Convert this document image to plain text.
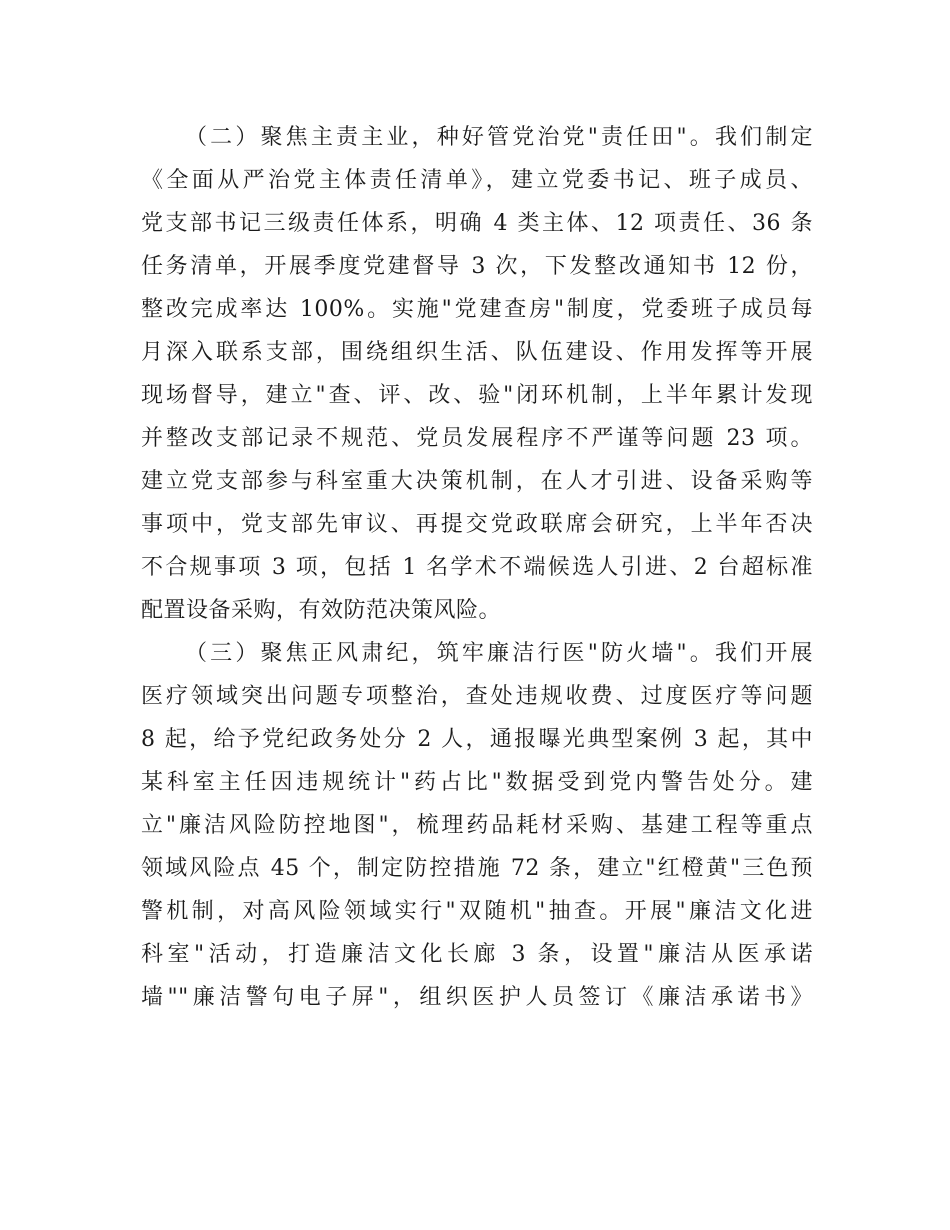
（二）聚焦主责主业，种好管党治党"责任田"。我们制定
《全面从严治党主体责任清单》，建立党委书记、班子成员、
党支部书记三级责任体系，明确 4 类主体、12 项责任、36 条
任务清单，开展季度党建督导 3 次，下发整改通知书 12 份，
整改完成率达 100%。实施"党建查房"制度，党委班子成员每
月深入联系支部，围绕组织生活、队伍建设、作用发挥等开展
现场督导，建立"查、评、改、验"闭环机制，上半年累计发现
并整改支部记录不规范、党员发展程序不严谨等问题 23 项。
建立党支部参与科室重大决策机制，在人才引进、设备采购等
事项中，党支部先审议、再提交党政联席会研究，上半年否决
不合规事项 3 项，包括 1 名学术不端候选人引进、2 台超标准
配置设备采购，有效防范决策风险。
（三）聚焦正风肃纪，筑牢廉洁行医"防火墙"。我们开展
医疗领域突出问题专项整治，查处违规收费、过度医疗等问题
8 起，给予党纪政务处分 2 人，通报曝光典型案例 3 起，其中
某科室主任因违规统计"药占比"数据受到党内警告处分。建
立"廉洁风险防控地图"，梳理药品耗材采购、基建工程等重点
领域风险点 45 个，制定防控措施 72 条，建立"红橙黄"三色预
警机制，对高风险领域实行"双随机"抽查。开展"廉洁文化进
科室"活动，打造廉洁文化长廊 3 条，设置"廉洁从医承诺
墙""廉洁警句电子屏"，组织医护人员签订《廉洁承诺书》
